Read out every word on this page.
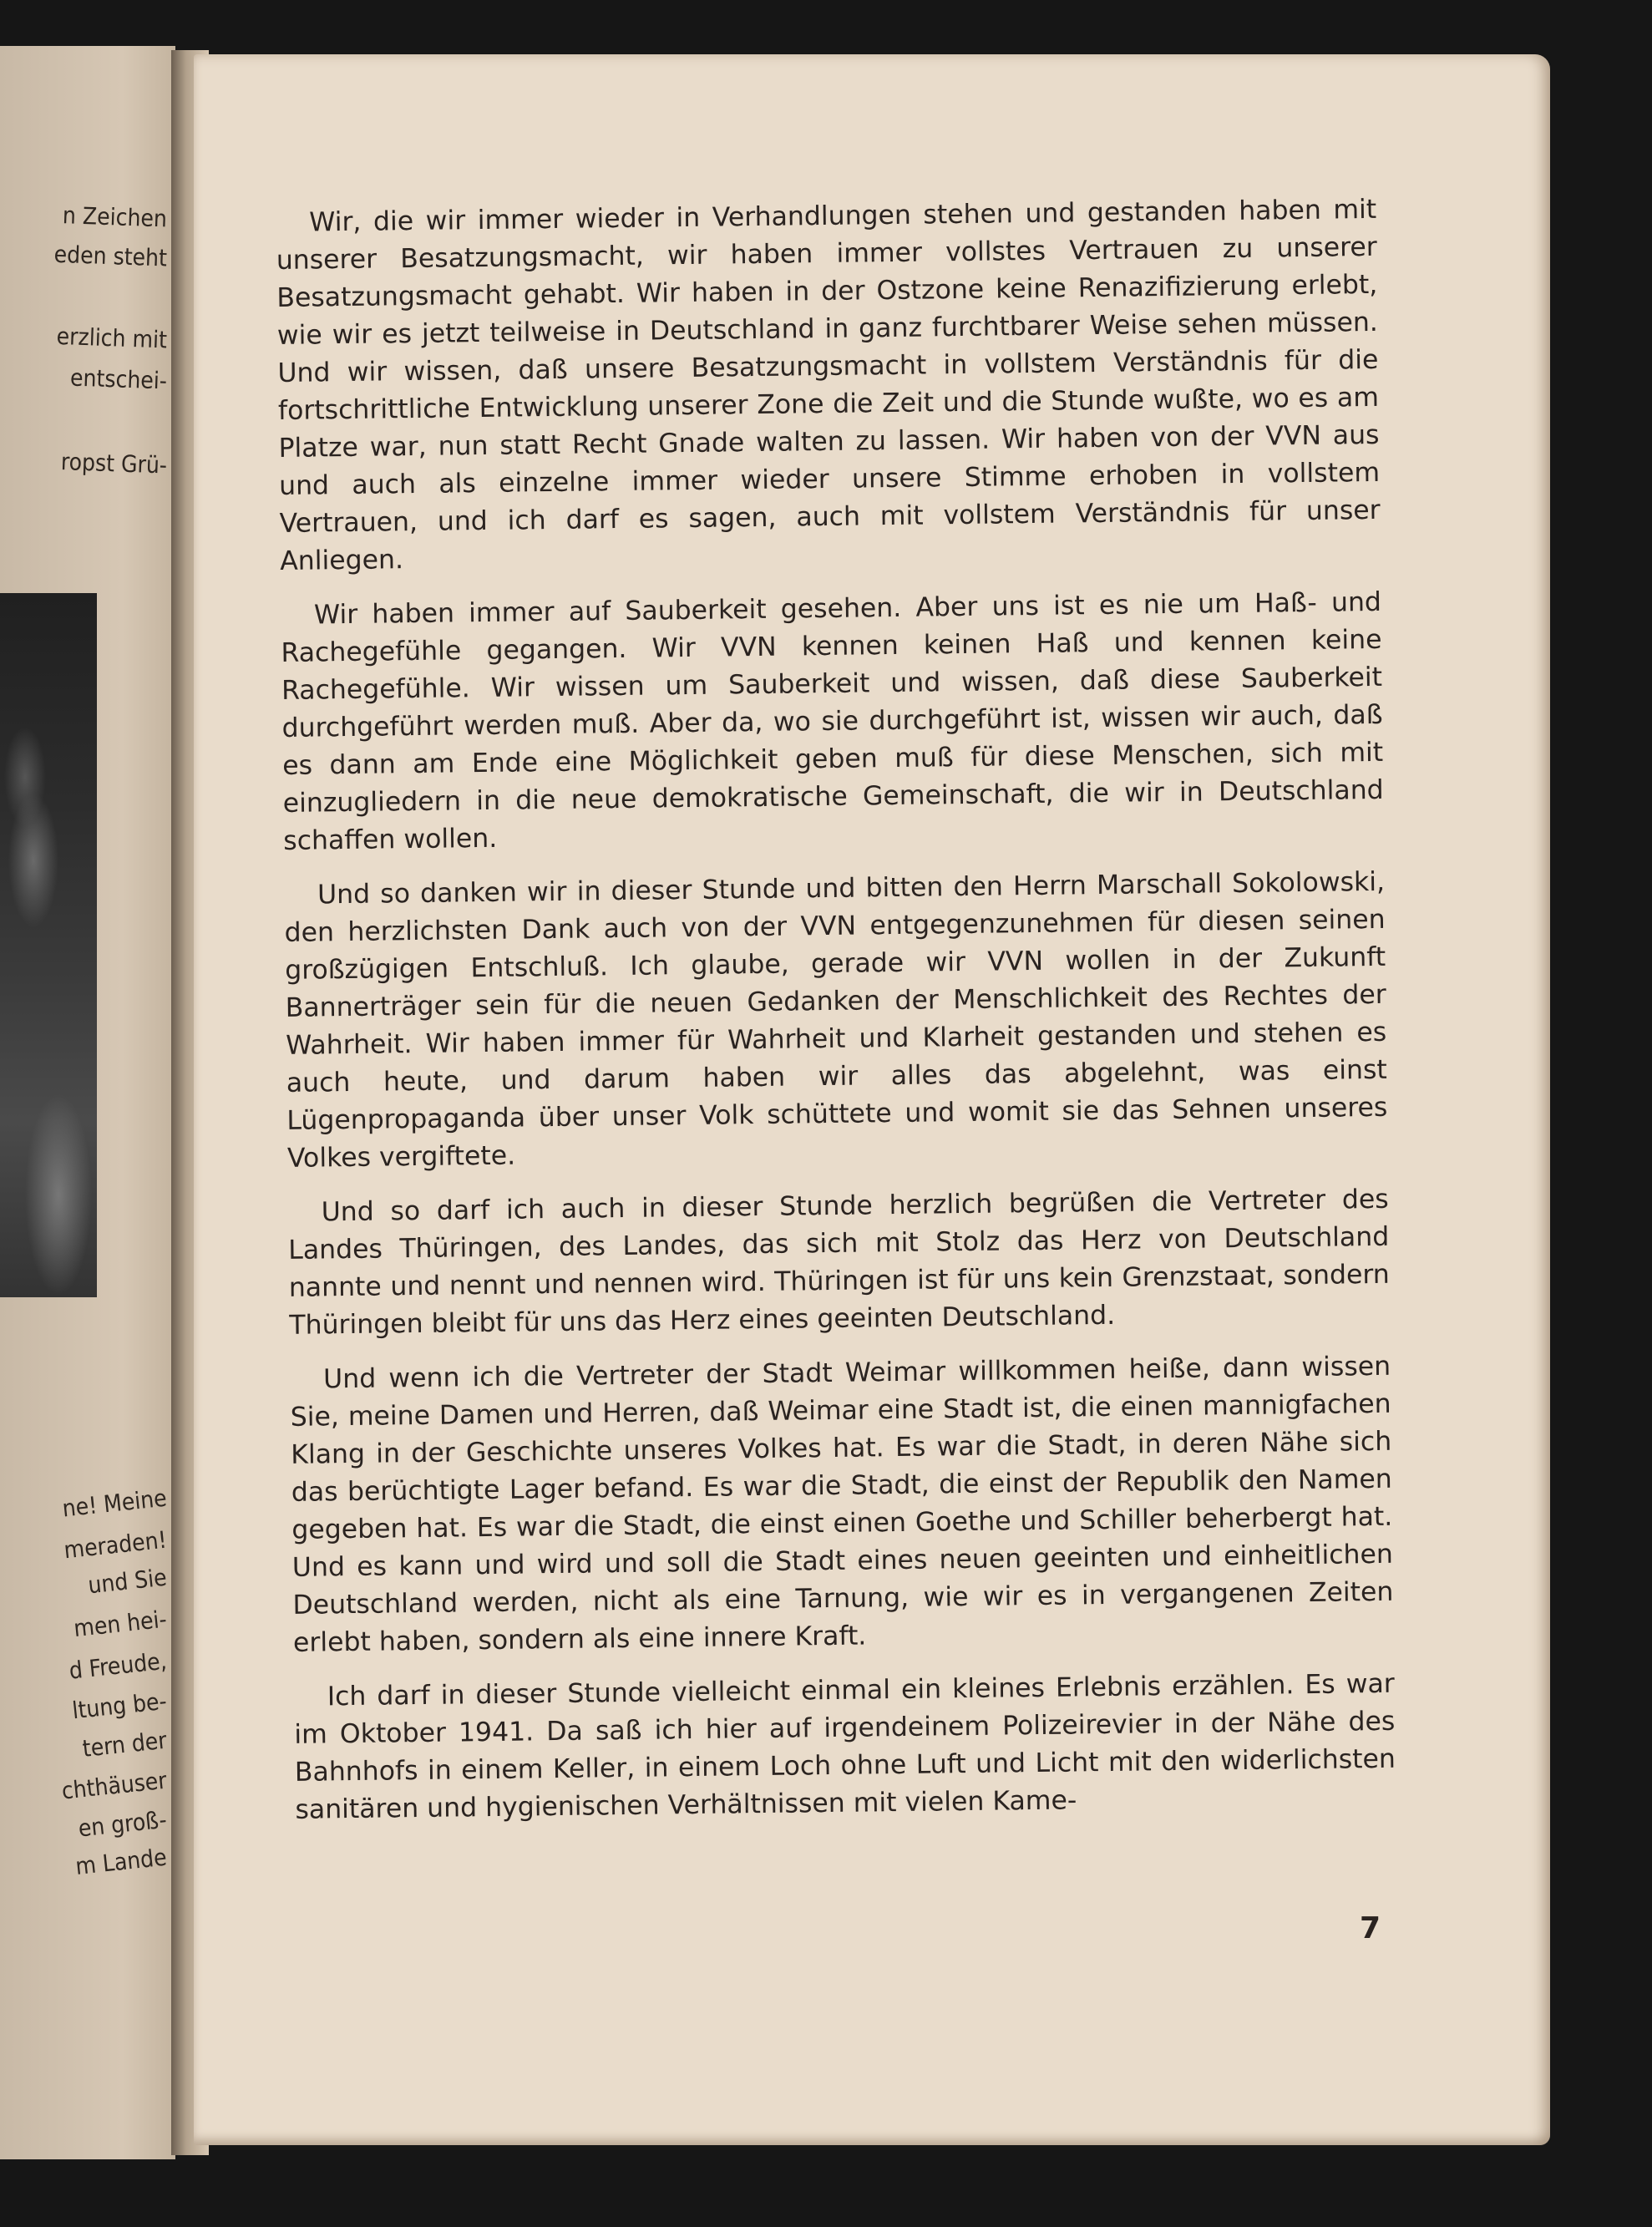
n Zeichen
eden steht
erzlich mit
entschei-
ropst Grü-
ne! Meine
meraden!
und Sie
men hei-
d Freude,
ltung be-
tern der
chthäuser
en groß-
m Lande

Wir, die wir immer wieder in Verhandlungen stehen und gestanden haben mit unserer Besatzungsmacht, wir haben immer vollstes Vertrauen zu unserer Besatzungsmacht gehabt. Wir haben in der Ostzone keine Renazifizierung erlebt, wie wir es jetzt teilweise in Deutschland in ganz furchtbarer Weise sehen müssen. Und wir wissen, daß unsere Besatzungsmacht in vollstem Verständnis für die fortschrittliche Entwicklung unserer Zone die Zeit und die Stunde wußte, wo es am Platze war, nun statt Recht Gnade walten zu lassen. Wir haben von der VVN aus und auch als einzelne immer wieder unsere Stimme erhoben in vollstem Vertrauen, und ich darf es sagen, auch mit vollstem Verständnis für unser Anliegen.

Wir haben immer auf Sauberkeit gesehen. Aber uns ist es nie um Haß- und Rachegefühle gegangen. Wir VVN kennen keinen Haß und kennen keine Rachegefühle. Wir wissen um Sauberkeit und wissen, daß diese Sauberkeit durchgeführt werden muß. Aber da, wo sie durchgeführt ist, wissen wir auch, daß es dann am Ende eine Möglichkeit geben muß für diese Menschen, sich mit einzugliedern in die neue demokratische Gemeinschaft, die wir in Deutschland schaffen wollen.

Und so danken wir in dieser Stunde und bitten den Herrn Marschall Sokolowski, den herzlichsten Dank auch von der VVN entgegenzunehmen für diesen seinen großzügigen Entschluß. Ich glaube, gerade wir VVN wollen in der Zukunft Bannerträger sein für die neuen Gedanken der Menschlichkeit des Rechtes der Wahrheit. Wir haben immer für Wahrheit und Klarheit gestanden und stehen es auch heute, und darum haben wir alles das abgelehnt, was einst Lügenpropaganda über unser Volk schüttete und womit sie das Sehnen unseres Volkes vergiftete.

Und so darf ich auch in dieser Stunde herzlich begrüßen die Vertreter des Landes Thüringen, des Landes, das sich mit Stolz das Herz von Deutschland nannte und nennt und nennen wird. Thüringen ist für uns kein Grenzstaat, sondern Thüringen bleibt für uns das Herz eines geeinten Deutschland.

Und wenn ich die Vertreter der Stadt Weimar willkommen heiße, dann wissen Sie, meine Damen und Herren, daß Weimar eine Stadt ist, die einen mannigfachen Klang in der Geschichte unseres Volkes hat. Es war die Stadt, in deren Nähe sich das berüchtigte Lager befand. Es war die Stadt, die einst der Republik den Namen gegeben hat. Es war die Stadt, die einst einen Goethe und Schiller beherbergt hat. Und es kann und wird und soll die Stadt eines neuen geeinten und einheitlichen Deutschland werden, nicht als eine Tarnung, wie wir es in vergangenen Zeiten erlebt haben, sondern als eine innere Kraft.

Ich darf in dieser Stunde vielleicht einmal ein kleines Erlebnis erzählen. Es war im Oktober 1941. Da saß ich hier auf irgendeinem Polizeirevier in der Nähe des Bahnhofs in einem Keller, in einem Loch ohne Luft und Licht mit den widerlichsten sanitären und hygienischen Verhältnissen mit vielen Kame-

7
